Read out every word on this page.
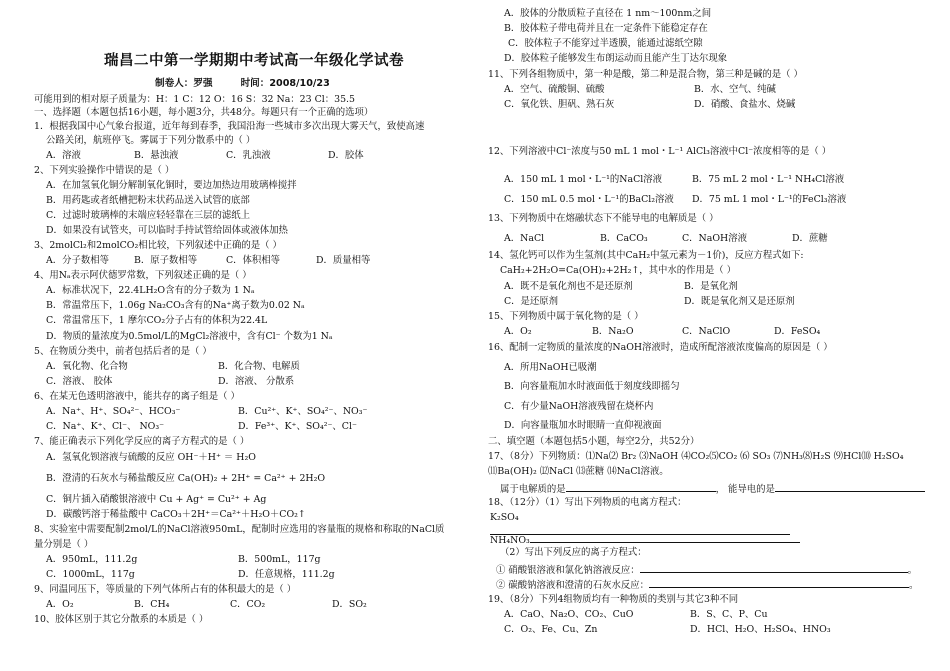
瑞昌二中第一学期期中考试高一年级化学试卷
制卷人：罗强	时间：2008/10/23
可能用到的相对原子质量为：H：1 C：12 O：16 S：32 Na：23 Cl：35.5
一、选择题（本题包括16小题，每小题3分，共48分。每题只有一个正确的选项）
1．根据我国中心气象台报道，近年每到春季，我国沿海一些城市多次出现大雾天气，致使高速
公路关闭，航班停飞。雾属于下列分散系中的（ ）
A．溶液	B．悬浊液	C．乳浊液	D．胶体
2、下列实验操作中错误的是（ ）
A．在加氢氧化铜分解制氧化铜时，要边加热边用玻璃棒搅拌
B．用药匙或者纸槽把粉末状药品送入试管的底部
C．过滤时玻璃棒的末端应轻轻靠在三层的滤纸上
D．如果没有试管夹，可以临时手持试管给固体或液体加热
3、2molCl₂和2molCO₂相比较，下列叙述中正确的是（ ）
A．分子数相等	B．原子数相等	C．体积相等	D．质量相等
4、用Nₐ表示阿伏德罗常数，下列叙述正确的是（ ）
A．标准状况下，22.4LH₂O含有的分子数为 1 Nₐ
B．常温常压下，1.06g Na₂CO₃含有的Na⁺离子数为0.02 Nₐ
C．常温常压下，1 摩尔CO₂分子占有的体积为22.4L
D．物质的量浓度为0.5mol/L的MgCl₂溶液中，含有Cl⁻ 个数为1 Nₐ
5、在物质分类中，前者包括后者的是（ ）
A．氧化物、化合物	B．化合物、电解质
C．溶液、 胶体	D．溶液、 分散系
6、在某无色透明溶液中，能共存的离子组是（ ）
A．Na⁺、H⁺、SO₄²⁻、HCO₃⁻	B．Cu²⁺、K⁺、SO₄²⁻、NO₃⁻
C．Na⁺、K⁺、Cl⁻、 NO₃⁻	D．Fe³⁺、K⁺、SO₄²⁻、Cl⁻
7、能正确表示下列化学反应的离子方程式的是（ ）
A．氢氧化钡溶液与硫酸的反应 OH⁻＋H⁺ ＝ H₂O
B．澄清的石灰水与稀盐酸反应 Ca(OH)₂ + 2H⁺ = Ca²⁺ + 2H₂O
C．铜片插入硝酸银溶液中 Cu + Ag⁺ = Cu²⁺ + Ag
D．碳酸钙溶于稀盐酸中 CaCO₃＋2H⁺＝Ca²⁺＋H₂O＋CO₂↑
8、实验室中需要配制2mol/L的NaCl溶液950mL，配制时应选用的容量瓶的规格和称取的NaCl质
量分别是（ ）
A．950mL，111.2g	B．500mL，117g
C．1000mL，117g	D．任意规格，111.2g
9、同温同压下，等质量的下列气体所占有的体积最大的是（ ）
A．O₂	B．CH₄	C．CO₂	D．SO₂
10、胶体区别于其它分散系的本质是（ ）
A．胶体的分散质粒子直径在 1 nm～100nm之间
B．胶体粒子带电荷并且在一定条件下能稳定存在
C．胶体粒子不能穿过半透膜，能通过滤纸空隙
D．胶体粒子能够发生布朗运动而且能产生丁达尔现象
11、下列各组物质中，第一种是酸，第二种是混合物，第三种是碱的是（ ）
A．空气、硫酸铜、硫酸	B．水、空气、纯碱
C．氧化铁、胆矾、熟石灰	D．硝酸、食盐水、烧碱
12、下列溶液中Cl⁻浓度与50 mL 1 mol・L⁻¹ AlCl₃溶液中Cl⁻浓度相等的是（ ）
A．150 mL 1 mol・L⁻¹的NaCl溶液	B．75 mL 2 mol・L⁻¹ NH₄Cl溶液
C．150 mL 0.5 mol・L⁻¹的BaCl₂溶液 D．75 mL 1 mol・L⁻¹的FeCl₃溶液
13、下列物质中在熔融状态下不能导电的电解质是（ ）
A．NaCl	B．CaCO₃	C．NaOH溶液	D．蔗糖
14、氢化钙可以作为生氢剂(其中CaH₂中氢元素为－1价)，反应方程式如下:
CaH₂+2H₂O=Ca(OH)₂+2H₂↑，其中水的作用是（ ）
A．既不是氧化剂也不是还原剂	B．是氧化剂
C．是还原剂	D．既是氧化剂又是还原剂
15、下列物质中属于氧化物的是（ ）
A．O₂	B．Na₂O	C．NaClO	D．FeSO₄
16、配制一定物质的量浓度的NaOH溶液时，造成所配溶液浓度偏高的原因是（ ）
A．所用NaOH已吸潮
B．向容量瓶加水时液面低于刻度线即摇匀
C．有少量NaOH溶液残留在烧杯内
D．向容量瓶加水时眼睛一直仰视液面
二、填空题（本题包括5小题，每空2分，共52分）
17、（8分）下列物质：⑴Na⑵ Br₂ ⑶NaOH ⑷CO₂⑸CO₂ ⑹ SO₃ ⑺NH₃⑻H₂S ⑼HCl⑽ H₂SO₄
⑾Ba(OH)₂ ⑿NaCl ⒀蔗糖 ⒁NaCl溶液。
属于电解质的是	， 能导电的是
18、（12分）（1）写出下列物质的电离方程式：
K₂SO₄

NH₄NO₃
（2）写出下列反应的离子方程式：
① 硝酸银溶液和氯化钠溶液反应：	。
② 碳酸钠溶液和澄清的石灰水反应：	。
19、（8分）下列4组物质均有一种物质的类别与其它3种不同
A．CaO、Na₂O、CO₂、CuO	B．S、C、P、Cu
C．O₂、Fe、Cu、Zn	D．HCl、H₂O、H₂SO₄、HNO₃
